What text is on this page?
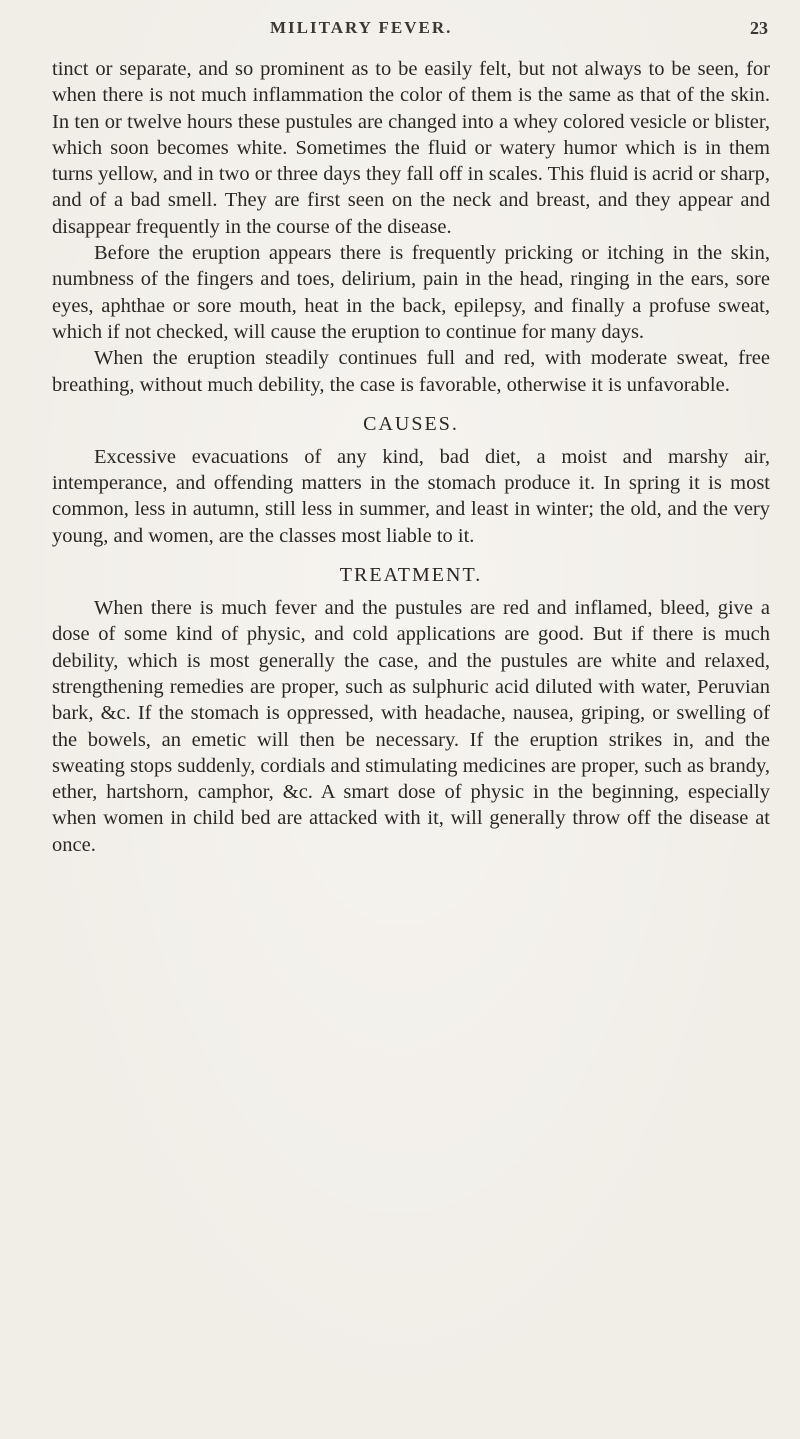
MILITARY FEVER.	23

tinct or separate, and so prominent as to be easily felt, but not always to be seen, for when there is not much inflammation the color of them is the same as that of the skin. In ten or twelve hours these pustules are changed into a whey colored vesicle or blister, which soon becomes white. Sometimes the fluid or watery humor which is in them turns yellow, and in two or three days they fall off in scales. This fluid is acrid or sharp, and of a bad smell. They are first seen on the neck and breast, and they appear and disappear frequently in the course of the disease.

Before the eruption appears there is frequently pricking or itching in the skin, numbness of the fingers and toes, delirium, pain in the head, ringing in the ears, sore eyes, aphthae or sore mouth, heat in the back, epilepsy, and finally a profuse sweat, which if not checked, will cause the eruption to continue for many days.

When the eruption steadily continues full and red, with moderate sweat, free breathing, without much debility, the case is favorable, otherwise it is unfavorable.

CAUSES.

Excessive evacuations of any kind, bad diet, a moist and marshy air, intemperance, and offending matters in the stomach produce it. In spring it is most common, less in autumn, still less in summer, and least in winter; the old, and the very young, and women, are the classes most liable to it.

TREATMENT.

When there is much fever and the pustules are red and inflamed, bleed, give a dose of some kind of physic, and cold applications are good. But if there is much debility, which is most generally the case, and the pustules are white and relaxed, strengthening remedies are proper, such as sulphuric acid diluted with water, Peruvian bark, &c. If the stomach is oppressed, with headache, nausea, griping, or swelling of the bowels, an emetic will then be necessary. If the eruption strikes in, and the sweating stops suddenly, cordials and stimulating medicines are proper, such as brandy, ether, hartshorn, camphor, &c. A smart dose of physic in the beginning, especially when women in child bed are attacked with it, will generally throw off the disease at once.
